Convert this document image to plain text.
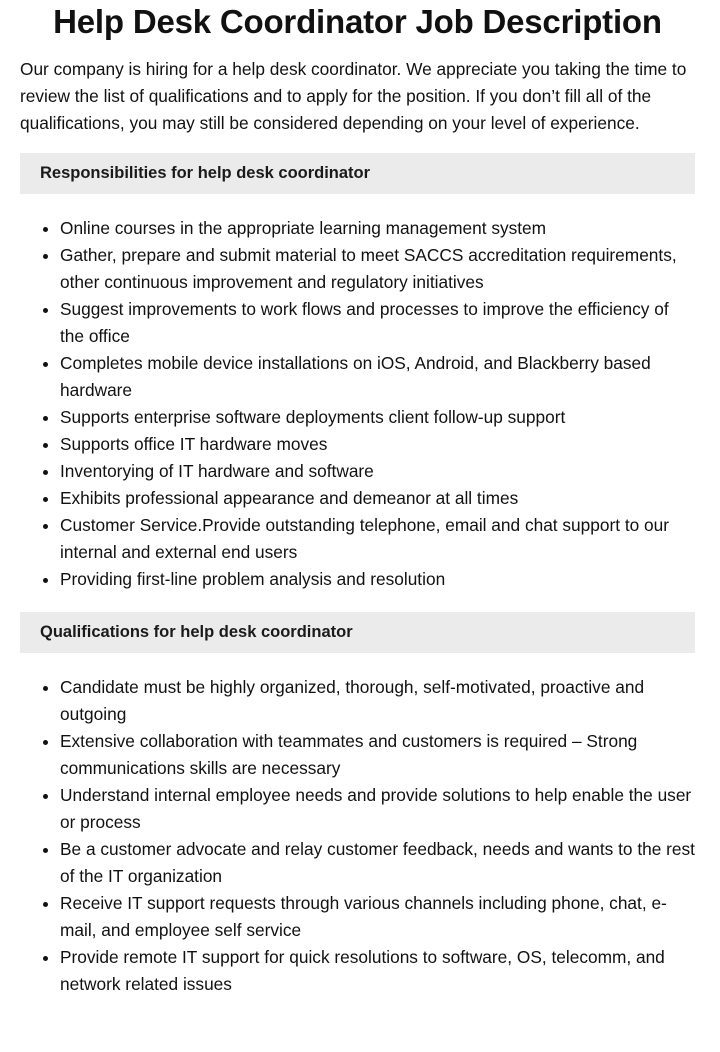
Help Desk Coordinator Job Description

Our company is hiring for a help desk coordinator. We appreciate you taking the time to review the list of qualifications and to apply for the position. If you don’t fill all of the qualifications, you may still be considered depending on your level of experience.

Responsibilities for help desk coordinator
• Online courses in the appropriate learning management system
• Gather, prepare and submit material to meet SACCS accreditation requirements, other continuous improvement and regulatory initiatives
• Suggest improvements to work flows and processes to improve the efficiency of the office
• Completes mobile device installations on iOS, Android, and Blackberry based hardware
• Supports enterprise software deployments client follow-up support
• Supports office IT hardware moves
• Inventorying of IT hardware and software
• Exhibits professional appearance and demeanor at all times
• Customer Service.Provide outstanding telephone, email and chat support to our internal and external end users
• Providing first-line problem analysis and resolution
Qualifications for help desk coordinator
• Candidate must be highly organized, thorough, self-motivated, proactive and outgoing
• Extensive collaboration with teammates and customers is required – Strong communications skills are necessary
• Understand internal employee needs and provide solutions to help enable the user or process
• Be a customer advocate and relay customer feedback, needs and wants to the rest of the IT organization
• Receive IT support requests through various channels including phone, chat, e-mail, and employee self service
• Provide remote IT support for quick resolutions to software, OS, telecomm, and network related issues
